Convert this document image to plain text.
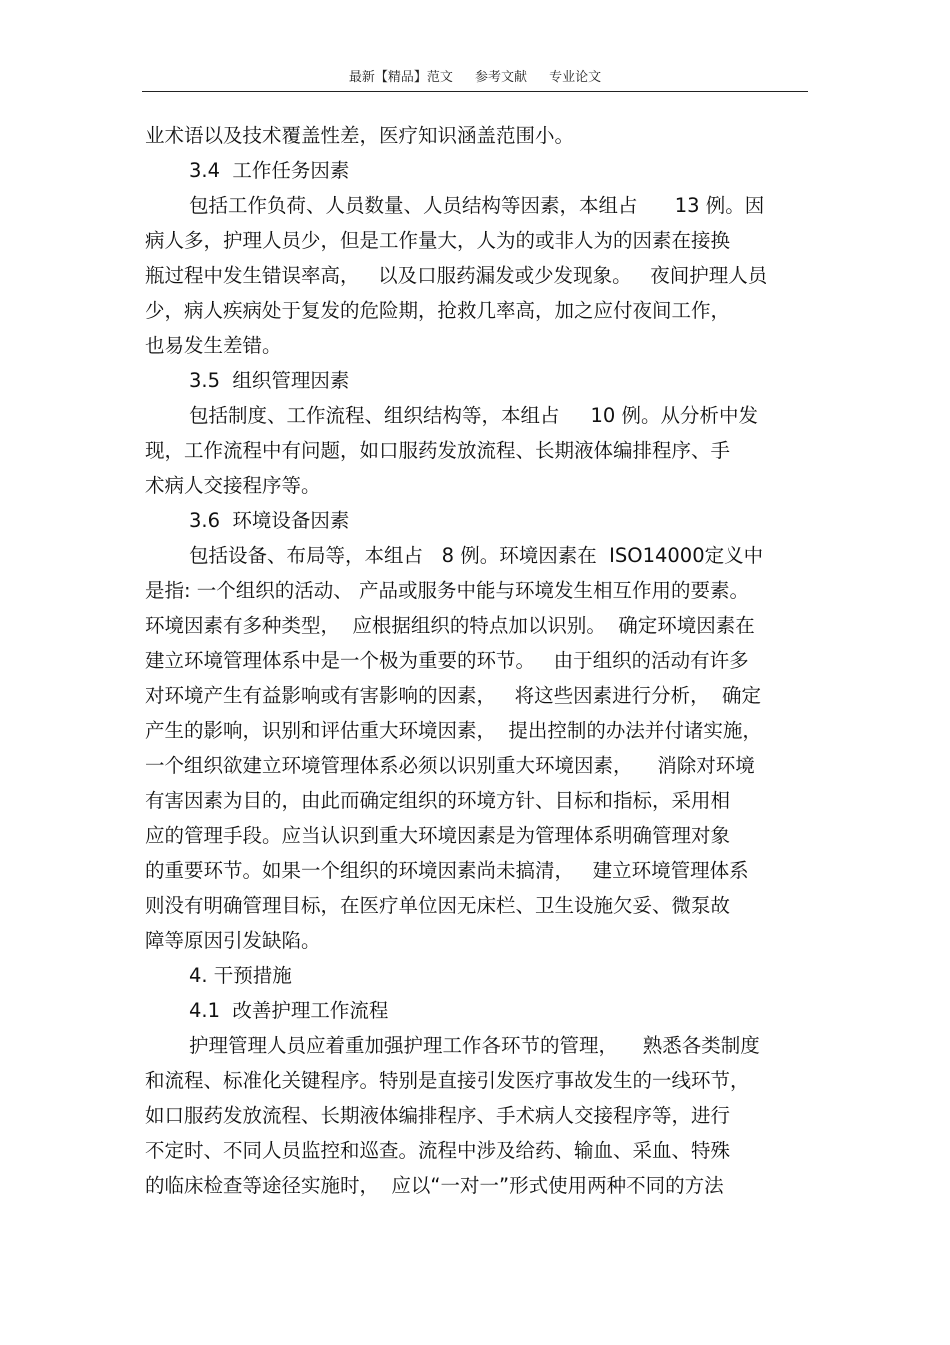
最新【精品】范文 参考文献 专业论文
业术语以及技术覆盖性差，医疗知识涵盖范围小。
3.4  工作任务因素
包括工作负荷、人员数量、人员结构等因素，本组占      13 例。因
病人多，护理人员少，但是工作量大，人为的或非人为的因素在接换
瓶过程中发生错误率高，   以及口服药漏发或少发现象。   夜间护理人员
少，病人疾病处于复发的危险期，抢救几率高，加之应付夜间工作，
也易发生差错。
3.5  组织管理因素
包括制度、工作流程、组织结构等，本组占     10 例。从分析中发
现，工作流程中有问题，如口服药发放流程、长期液体编排程序、手
术病人交接程序等。
3.6  环境设备因素
包括设备、布局等，本组占   8 例。环境因素在  ISO14000定义中
是指: 一个组织的活动、 产品或服务中能与环境发生相互作用的要素。
环境因素有多种类型，  应根据组织的特点加以识别。  确定环境因素在
建立环境管理体系中是一个极为重要的环节。   由于组织的活动有许多
对环境产生有益影响或有害影响的因素，   将这些因素进行分析，  确定
产生的影响，识别和评估重大环境因素，  提出控制的办法并付诸实施，
一个组织欲建立环境管理体系必须以识别重大环境因素，    消除对环境
有害因素为目的，由此而确定组织的环境方针、目标和指标，采用相
应的管理手段。应当认识到重大环境因素是为管理体系明确管理对象
的重要环节。如果一个组织的环境因素尚未搞清，   建立环境管理体系
则没有明确管理目标，在医疗单位因无床栏、卫生设施欠妥、微泵故
障等原因引发缺陷。
4. 干预措施
4.1  改善护理工作流程
护理管理人员应着重加强护理工作各环节的管理，    熟悉各类制度
和流程、标准化关键程序。特别是直接引发医疗事故发生的一线环节，
如口服药发放流程、长期液体编排程序、手术病人交接程序等，进行
不定时、不同人员监控和巡查。流程中涉及给药、输血、采血、特殊
的临床检查等途径实施时，  应以“一对一”形式使用两种不同的方法
